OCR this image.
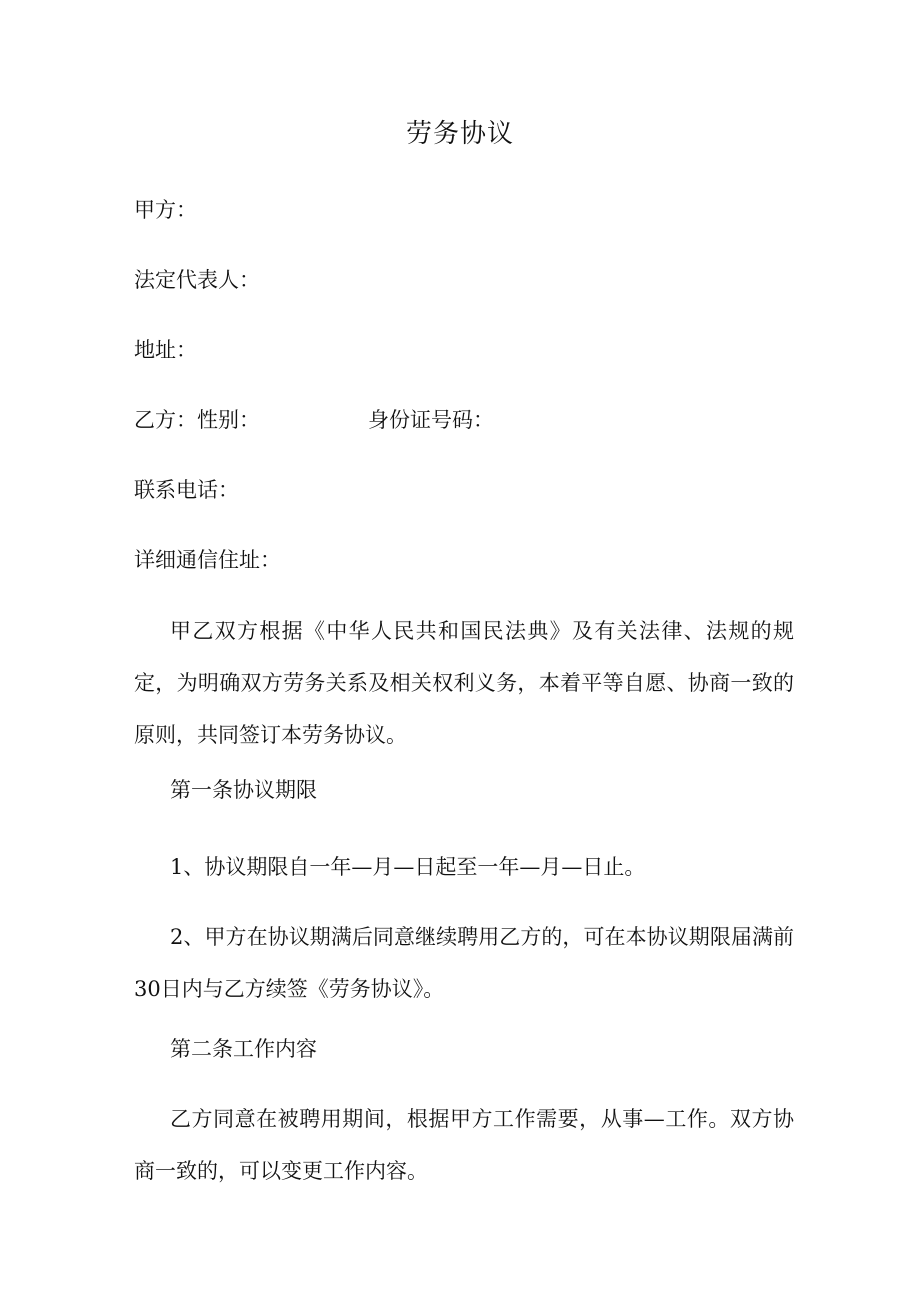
劳务协议

甲方：

法定代表人：

地址：

乙方：性别：	身份证号码：

联系电话：

详细通信住址：

甲乙双方根据《中华人民共和国民法典》及有关法律、法规的规定，为明确双方劳务关系及相关权利义务，本着平等自愿、协商一致的原则，共同签订本劳务协议。

第一条协议期限

1、协议期限自一年—月—日起至一年—月—日止。

2、甲方在协议期满后同意继续聘用乙方的，可在本协议期限届满前30日内与乙方续签《劳务协议》。

第二条工作内容

乙方同意在被聘用期间，根据甲方工作需要，从事—工作。双方协商一致的，可以变更工作内容。
